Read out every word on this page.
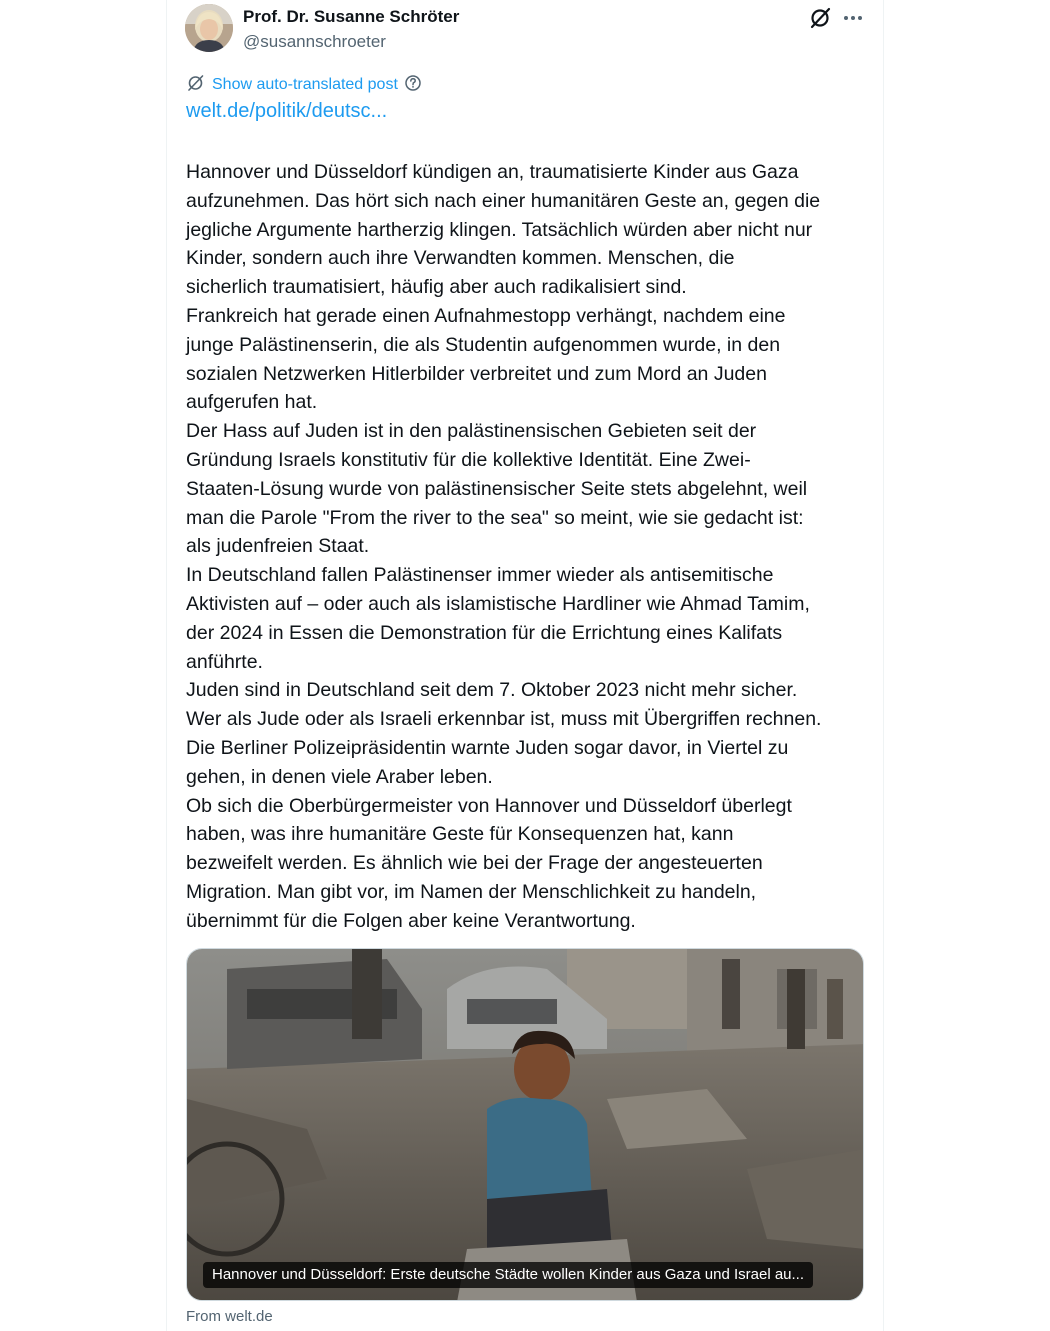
Prof. Dr. Susanne Schröter
@susannschroeter
Show auto-translated post
welt.de/politik/deutsc...

Hannover und Düsseldorf kündigen an, traumatisierte Kinder aus Gaza

aufzunehmen. Das hört sich nach einer humanitären Geste an, gegen die

jegliche Argumente hartherzig klingen. Tatsächlich würden aber nicht nur

Kinder, sondern auch ihre Verwandten kommen. Menschen, die

sicherlich traumatisiert, häufig aber auch radikalisiert sind.

Frankreich hat gerade einen Aufnahmestopp verhängt, nachdem eine

junge Palästinenserin, die als Studentin aufgenommen wurde, in den

sozialen Netzwerken Hitlerbilder verbreitet und zum Mord an Juden

aufgerufen hat.

Der Hass auf Juden ist in den palästinensischen Gebieten seit der

Gründung Israels konstitutiv für die kollektive Identität. Eine Zwei-

Staaten-Lösung wurde von palästinensischer Seite stets abgelehnt, weil

man die Parole "From the river to the sea" so meint, wie sie gedacht ist:

als judenfreien Staat.

In Deutschland fallen Palästinenser immer wieder als antisemitische

Aktivisten auf – oder auch als islamistische Hardliner wie Ahmad Tamim,

der 2024 in Essen die Demonstration für die Errichtung eines Kalifats

anführte.

Juden sind in Deutschland seit dem 7. Oktober 2023 nicht mehr sicher.

Wer als Jude oder als Israeli erkennbar ist, muss mit Übergriffen rechnen.

Die Berliner Polizeipräsidentin warnte Juden sogar davor, in Viertel zu

gehen, in denen viele Araber leben.

Ob sich die Oberbürgermeister von Hannover und Düsseldorf überlegt

haben, was ihre humanitäre Geste für Konsequenzen hat, kann

bezweifelt werden. Es ähnlich wie bei der Frage der angesteuerten

Migration. Man gibt vor, im Namen der Menschlichkeit zu handeln,

übernimmt für die Folgen aber keine Verantwortung.

Hannover und Düsseldorf: Erste deutsche Städte wollen Kinder aus Gaza und Israel au...
From welt.de
